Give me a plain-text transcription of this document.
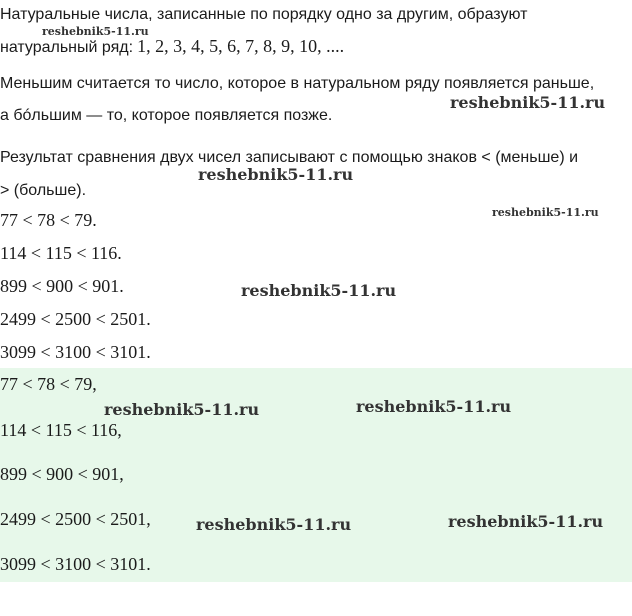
Натуральные числа, записанные по порядку одно за другим, образуют
натуральный ряд: 1, 2, 3, 4, 5, 6, 7, 8, 9, 10, ....
Меньшим считается то число, которое в натуральном ряду появляется раньше,
а бóльшим — то, которое появляется позже.
Результат сравнения двух чисел записывают с помощью знаков < (меньше) и
> (больше).
77 < 78 < 79.
114 < 115 < 116.
899 < 900 < 901.
2499 < 2500 < 2501.
3099 < 3100 < 3101.
77 < 78 < 79,
114 < 115 < 116,
899 < 900 < 901,
2499 < 2500 < 2501,
3099 < 3100 < 3101.
reshebnik5-11.ru
reshebnik5-11.ru
reshebnik5-11.ru
reshebnik5-11.ru
reshebnik5-11.ru
reshebnik5-11.ru	reshebnik5-11.ru
reshebnik5-11.ru	reshebnik5-11.ru
